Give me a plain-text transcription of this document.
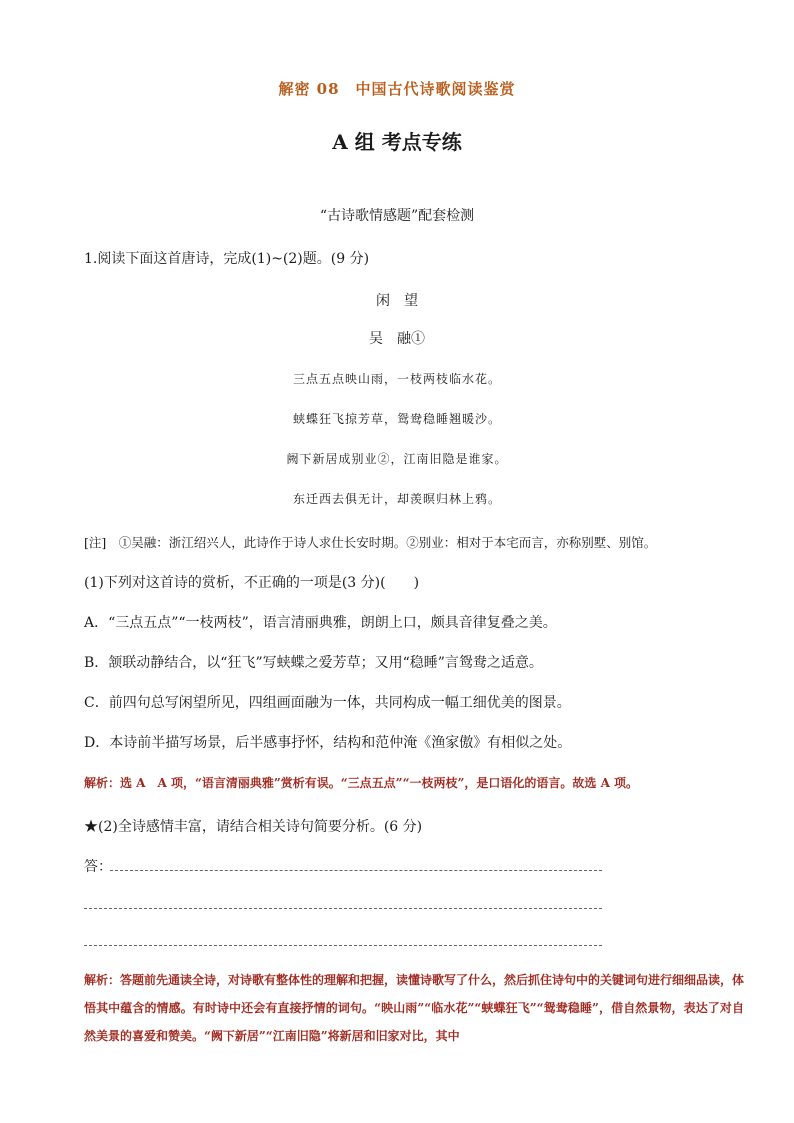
解密 08　中国古代诗歌阅读鉴赏
A 组 考点专练
“古诗歌情感题”配套检测
1.阅读下面这首唐诗，完成(1)~(2)题。(9 分)
闲　望
吴　融①
三点五点映山雨，一枝两枝临水花。
蛱蝶狂飞掠芳草，鸳鸯稳睡翘暖沙。
阙下新居成别业②，江南旧隐是谁家。
东迁西去俱无计，却羡暝归林上鸦。
[注]　①吴融：浙江绍兴人，此诗作于诗人求仕长安时期。②别业：相对于本宅而言，亦称别墅、别馆。
(1)下列对这首诗的赏析，不正确的一项是(3 分)(　　)
A．“三点五点”“一枝两枝”，语言清丽典雅，朗朗上口，颇具音律复叠之美。
B．颔联动静结合，以“狂飞”写蛱蝶之爱芳草；又用“稳睡”言鸳鸯之适意。
C．前四句总写闲望所见，四组画面融为一体，共同构成一幅工细优美的图景。
D．本诗前半描写场景，后半感事抒怀，结构和范仲淹《渔家傲》有相似之处。
解析：选 A　A 项，“语言清丽典雅”赏析有误。“三点五点”“一枝两枝”，是口语化的语言。故选 A 项。
★(2)全诗感情丰富，请结合相关诗句简要分析。(6 分)
答：
解析：答题前先通读全诗，对诗歌有整体性的理解和把握，读懂诗歌写了什么，然后抓住诗句中的关键词句进行细细品读，体悟其中蕴含的情感。有时诗中还会有直接抒情的词句。“映山雨”“临水花”“蛱蝶狂飞”“鸳鸯稳睡”，借自然景物，表达了对自然美景的喜爱和赞美。“阙下新居”“江南旧隐”将新居和旧家对比，其中
